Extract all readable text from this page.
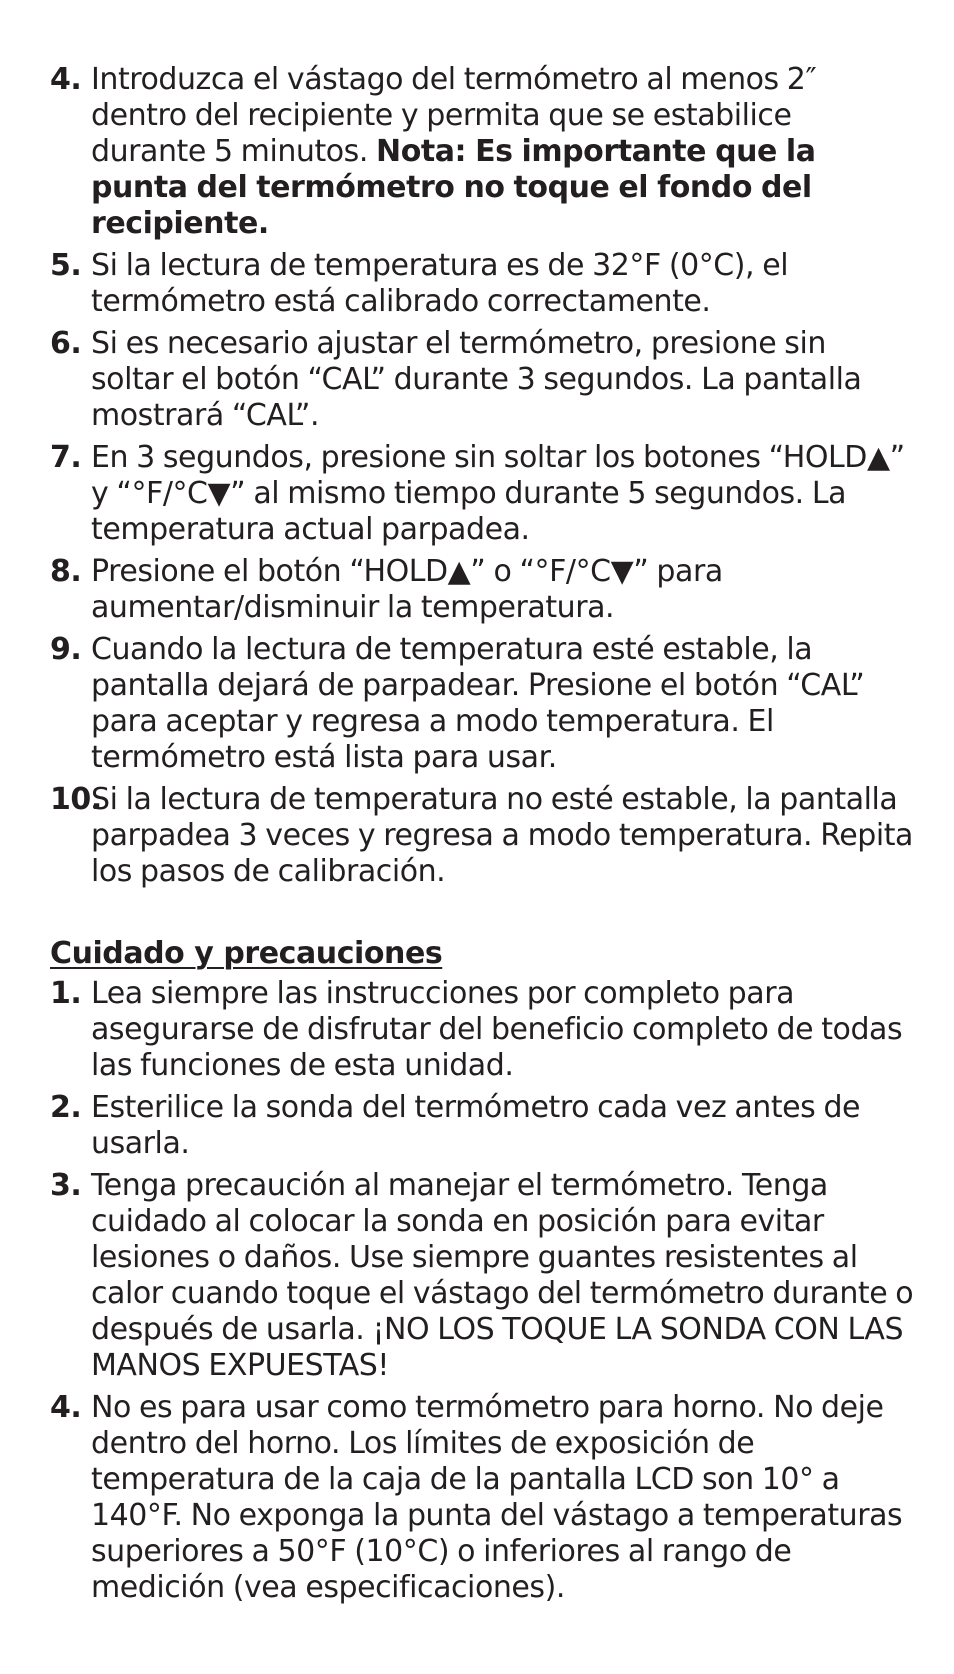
4. Introduzca el vástago del termómetro al menos 2″ dentro del recipiente y permita que se estabilice durante 5 minutos. Nota: Es importante que la punta del termómetro no toque el fondo del recipiente.
5. Si la lectura de temperatura es de 32°F (0°C), el termómetro está calibrado correctamente.
6. Si es necesario ajustar el termómetro, presione sin soltar el botón “CAL” durante 3 segundos. La pantalla mostrará “CAL”.
7. En 3 segundos, presione sin soltar los botones “HOLD▲” y “°F/°C▼” al mismo tiempo durante 5 segundos. La temperatura actual parpadea.
8. Presione el botón “HOLD▲” o “°F/°C▼” para aumentar/disminuir la temperatura.
9. Cuando la lectura de temperatura esté estable, la pantalla dejará de parpadear. Presione el botón “CAL” para aceptar y regresa a modo temperatura. El termómetro está lista para usar.
10.
Si la lectura de temperatura no esté estable, la pantalla parpadea 3 veces y regresa a modo temperatura. Repita los pasos de calibración.
Cuidado y precauciones
1. Lea siempre las instrucciones por completo para asegurarse de disfrutar del beneficio completo de todas las funciones de esta unidad.
2. Esterilice la sonda del termómetro cada vez antes de usarla.
3. Tenga precaución al manejar el termómetro. Tenga cuidado al colocar la sonda en posición para evitar lesiones o daños. Use siempre guantes resistentes al calor cuando toque el vástago del termómetro durante o después de usarla. ¡NO LOS TOQUE LA SONDA CON LAS MANOS EXPUESTAS!
4. No es para usar como termómetro para horno. No deje dentro del horno. Los límites de exposición de temperatura de la caja de la pantalla LCD son 10° a 140°F. No exponga la punta del vástago a temperaturas superiores a 50°F (10°C) o inferiores al rango de medición (vea especificaciones).
